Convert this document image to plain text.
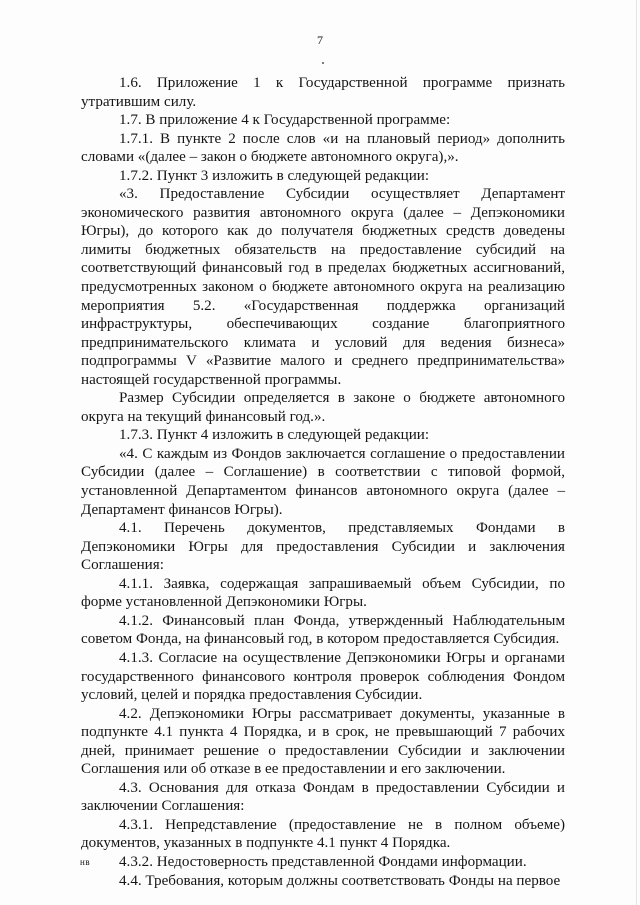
7

1.6. Приложение 1 к Государственной программе признать утратившим силу.

1.7. В приложение 4 к Государственной программе:

1.7.1. В пункте 2 после слов «и на плановый период» дополнить словами «(далее – закон о бюджете автономного округа),».

1.7.2. Пункт 3 изложить в следующей редакции:

«3. Предоставление Субсидии осуществляет Департамент экономического развития автономного округа (далее – Депэкономики Югры), до которого как до получателя бюджетных средств доведены лимиты бюджетных обязательств на предоставление субсидий на соответствующий финансовый год в пределах бюджетных ассигнований, предусмотренных законом о бюджете автономного округа на реализацию мероприятия 5.2. «Государственная поддержка организаций инфраструктуры, обеспечивающих создание благоприятного предпринимательского климата и условий для ведения бизнеса» подпрограммы V «Развитие малого и среднего предпринимательства» настоящей государственной программы.

Размер Субсидии определяется в законе о бюджете автономного округа на текущий финансовый год.».

1.7.3. Пункт 4 изложить в следующей редакции:

«4. С каждым из Фондов заключается соглашение о предоставлении Субсидии (далее – Соглашение) в соответствии с типовой формой, установленной Департаментом финансов автономного округа (далее – Департамент финансов Югры).

4.1. Перечень документов, представляемых Фондами в Депэкономики Югры для предоставления Субсидии и заключения Соглашения:

4.1.1. Заявка, содержащая запрашиваемый объем Субсидии, по форме установленной Депэкономики Югры.

4.1.2. Финансовый план Фонда, утвержденный Наблюдательным советом Фонда, на финансовый год, в котором предоставляется Субсидия.

4.1.3. Согласие на осуществление Депэкономики Югры и органами государственного финансового контроля проверок соблюдения Фондом условий, целей и порядка предоставления Субсидии.

4.2. Депэкономики Югры рассматривает документы, указанные в подпункте 4.1 пункта 4 Порядка, и в срок, не превышающий 7 рабочих дней, принимает решение о предоставлении Субсидии и заключении Соглашения или об отказе в ее предоставлении и его заключении.

4.3. Основания для отказа Фондам в предоставлении Субсидии и заключении Соглашения:

4.3.1. Непредставление (предоставление не в полном объеме) документов, указанных в подпункте 4.1 пункт 4 Порядка.

4.3.2. Недостоверность представленной Фондами информации.

4.4. Требования, которым должны соответствовать Фонды на первое

нв
